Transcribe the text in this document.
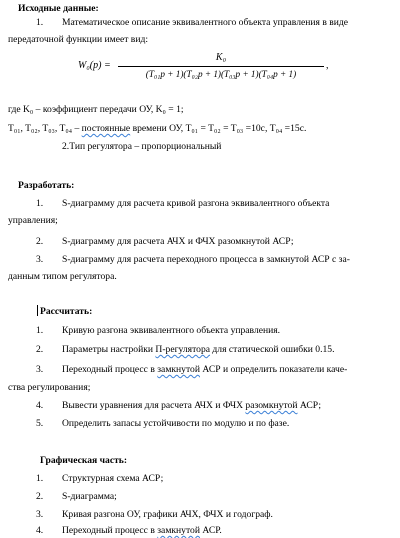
Исходные данные:
1. Математическое описание эквивалентного объекта управления в виде
передаточной функции имеет вид:
W₀(p) =
K₀
(T₀₁p + 1)(T₀₂p + 1)(T₀₃p + 1)(T₀₄p + 1)
,
где K₀ – коэффициент передачи ОУ, K₀ = 1;
T₀₁, T₀₂, T₀₃, T₀₄ – постоянные времени ОУ, T₀₁ = T₀₂ = T₀₃ =10с, T₀₄ =15с.
2.Тип регулятора – пропорциональный
Разработать:
1. S-диаграмму для расчета кривой разгона эквивалентного объекта
управления;
2. S-диаграмму для расчета АЧХ и ФЧХ разомкнутой АСР;
3. S-диаграмму для расчета переходного процесса в замкнутой АСР с за-
данным типом регулятора.
Рассчитать:
1. Кривую разгона эквивалентного объекта управления.
2. Параметры настройки П-регулятора для статической ошибки 0.15.
3. Переходный процесс в замкнутой АСР и определить показатели каче-
ства регулирования;
4. Вывести уравнения для расчета АЧХ и ФЧХ разомкнутой АСР;
5. Определить запасы устойчивости по модулю и по фазе.
Графическая часть:
1. Структурная схема АСР;
2. S-диаграмма;
3. Кривая разгона ОУ, графики АЧХ, ФЧХ и годограф.
4. Переходный процесс в замкнутой АСР.
